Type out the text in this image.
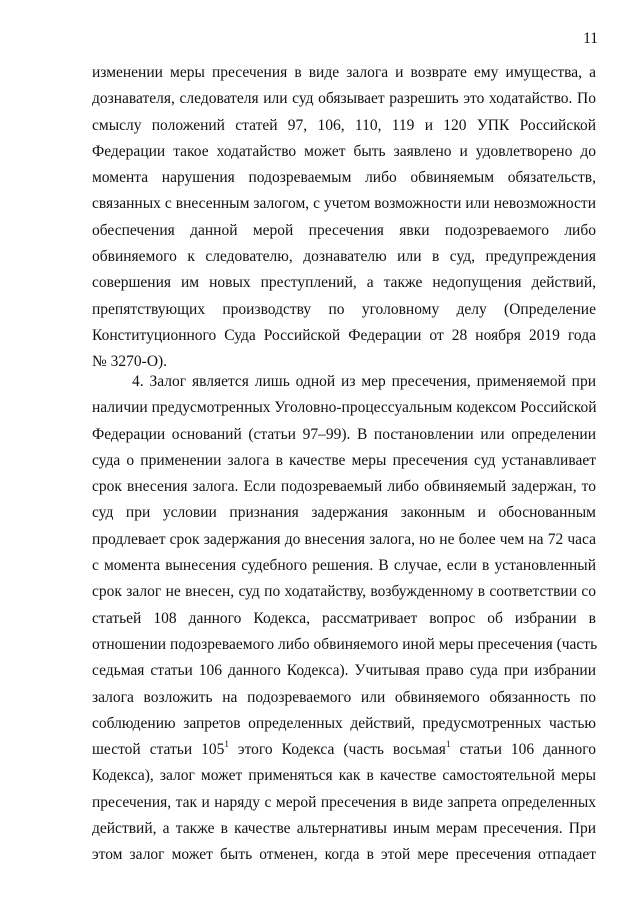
11
изменении меры пресечения в виде залога и возврате ему имущества, а
дознавателя, следователя или суд обязывает разрешить это ходатайство. По
смыслу положений статей 97, 106, 110, 119 и 120 УПК Российской
Федерации такое ходатайство может быть заявлено и удовлетворено до
момента нарушения подозреваемым либо обвиняемым обязательств,
связанных с внесенным залогом, с учетом возможности или невозможности
обеспечения данной мерой пресечения явки подозреваемого либо
обвиняемого к следователю, дознавателю или в суд, предупреждения
совершения им новых преступлений, а также недопущения действий,
препятствующих производству по уголовному делу (Определение
Конституционного Суда Российской Федерации от 28 ноября 2019 года
№ 3270-О).
4. Залог является лишь одной из мер пресечения, применяемой при
наличии предусмотренных Уголовно-процессуальным кодексом Российской
Федерации оснований (статьи 97–99). В постановлении или определении
суда о применении залога в качестве меры пресечения суд устанавливает
срок внесения залога. Если подозреваемый либо обвиняемый задержан, то
суд при условии признания задержания законным и обоснованным
продлевает срок задержания до внесения залога, но не более чем на 72 часа
с момента вынесения судебного решения. В случае, если в установленный
срок залог не внесен, суд по ходатайству, возбужденному в соответствии со
статьей 108 данного Кодекса, рассматривает вопрос об избрании в
отношении подозреваемого либо обвиняемого иной меры пресечения (часть
седьмая статьи 106 данного Кодекса). Учитывая право суда при избрании
залога возложить на подозреваемого или обвиняемого обязанность по
соблюдению запретов определенных действий, предусмотренных частью
шестой статьи $105^1$ этого Кодекса (часть восьмая$^1$ статьи 106 данного
Кодекса), залог может применяться как в качестве самостоятельной меры
пресечения, так и наряду с мерой пресечения в виде запрета определенных
действий, а также в качестве альтернативы иным мерам пресечения. При
этом залог может быть отменен, когда в этой мере пресечения отпадает
